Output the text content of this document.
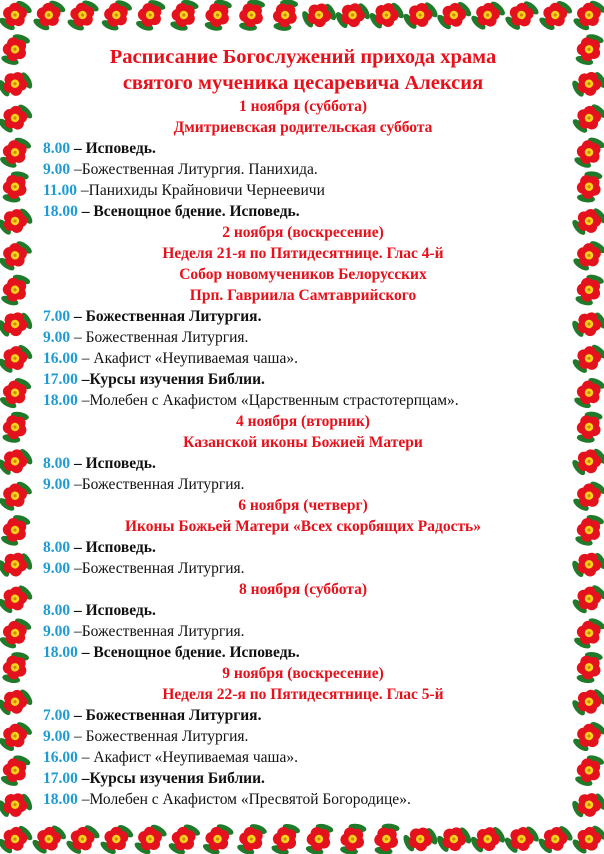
Расписание Богослужений прихода храма

святого мученика цесаревича Алексия

1 ноября (суббота)
Дмитриевская родительская суббота
8.00 – Исповедь.
9.00 –Божественная Литургия. Панихида.
11.00 –Панихиды Крайновичи Чернеевичи
18.00 – Всенощное бдение. Исповедь.
2 ноября (воскресение)
Неделя 21-я по Пятидесятнице. Глас 4-й
Собор новомучеников Белорусских
Прп. Гавриила Самтаврийского
7.00 – Божественная Литургия.
9.00 – Божественная Литургия.
16.00 – Акафист «Неупиваемая чаша».
17.00 –Курсы изучения Библии.
18.00 –Молебен с Акафистом «Царственным страстотерпцам».
4 ноября (вторник)
Казанской иконы Божией Матери
8.00 – Исповедь.
9.00 –Божественная Литургия.
6 ноября (четверг)
Иконы Божьей Матери «Всех скорбящих Радость»
8.00 – Исповедь.
9.00 –Божественная Литургия.
8 ноября (суббота)
8.00 – Исповедь.
9.00 –Божественная Литургия.
18.00 – Всенощное бдение. Исповедь.
9 ноября (воскресение)
Неделя 22-я по Пятидесятнице. Глас 5-й
7.00 – Божественная Литургия.
9.00 – Божественная Литургия.
16.00 – Акафист «Неупиваемая чаша».
17.00 –Курсы изучения Библии.
18.00 –Молебен с Акафистом «Пресвятой Богородице».
